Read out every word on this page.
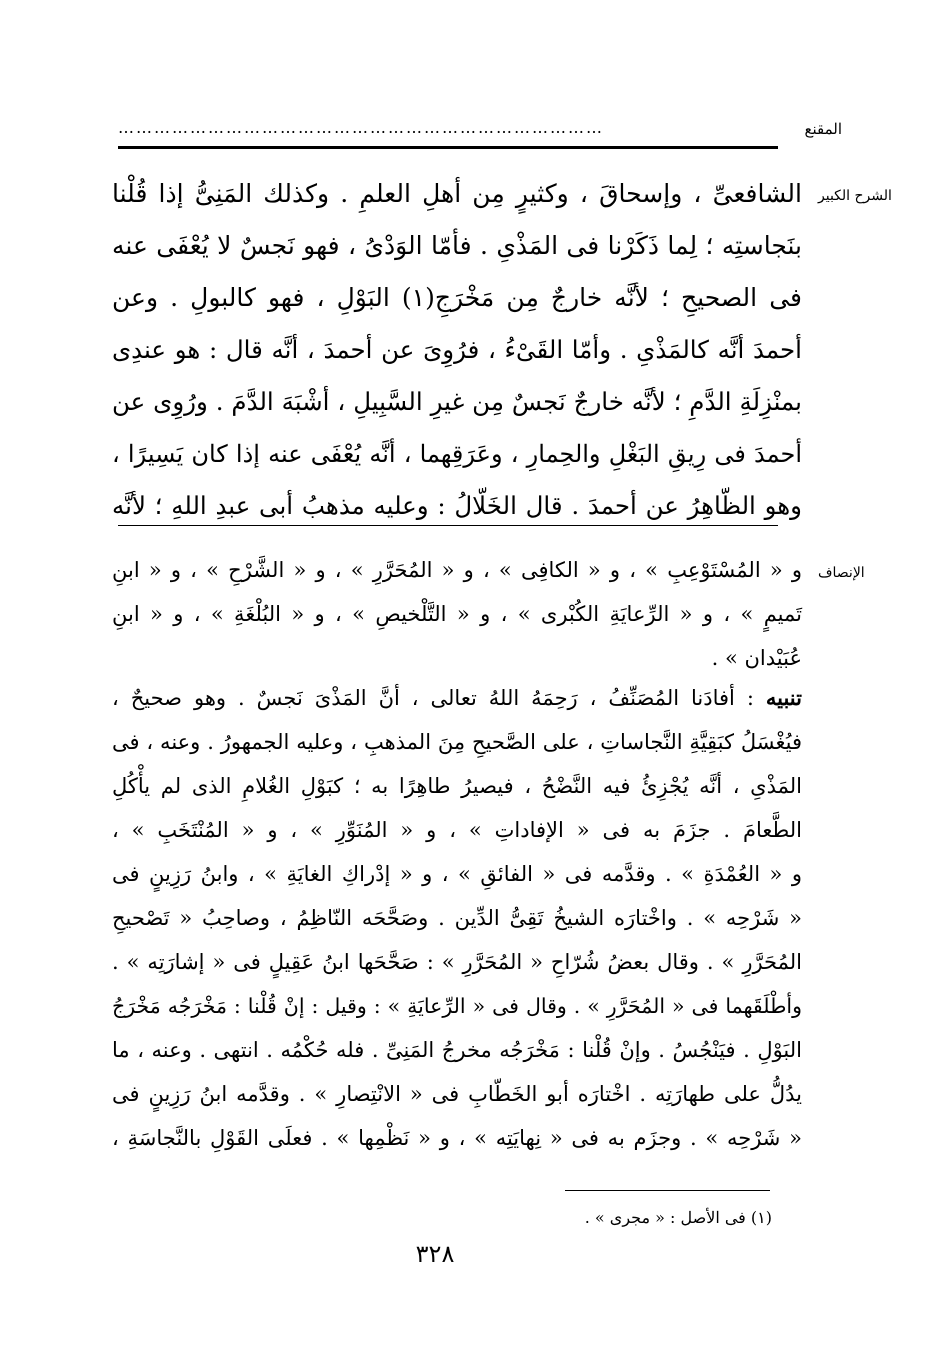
المقنع
………………………………………………………………………
الشرح الكبير
الشافعىِّ ، وإسحاقَ ، وكثيرٍ مِن أهلِ العلمِ . وكذلك المَنِىُّ إذا قُلْنا
بنَجاستِه ؛ لِما ذَكَرْنا فى المَذْىِ . فأمّا الوَدْىُ ، فهو نَجسٌ لا يُعْفَى عنه
فى الصحيحِ ؛ لأنَّه خارجٌ مِن مَخْرَجِ(١) البَوْلِ ، فهو كالبولِ . وعن
أحمدَ أنَّه كالمَذْىِ . وأمّا القَىْءُ ، فرُوِىَ عن أحمدَ ، أنَّه قال : هو عندِى
بمنْزِلَةِ الدَّمِ ؛ لأنَّه خارجٌ نَجسٌ مِن غيرِ السَّبِيلِ ، أشْبَهَ الدَّمَ . ورُوِى عن
أحمدَ فى رِيقِ البَغْلِ والحِمارِ ، وعَرَقِهما ، أنَّه يُعْفَى عنه إذا كان يَسِيرًا ،
وهو الظّاهِرُ عن أحمدَ . قال الخَلّالُ : وعليه مذهبُ أبى عبدِ اللهِ ؛ لأنَّه
الإنصاف
و « المُسْتَوْعِبِ » ، و « الكافِى » ، و « المُحَرَّرِ » ، و « الشَّرْحِ » ، و « ابنِ
تَميمٍ » ، و « الرِّعايَةِ الكُبْرى » ، و « التَّلْخيصِ » ، و « البُلْغَةِ » ، و « ابنِ
عُبَيْدان » .
تنبيه : أفادَنا المُصَنِّفُ ، رَحِمَهُ اللهُ تعالى ، أنَّ المَذْىَ نَجسٌ . وهو صحيحٌ ،
فيُغْسَلُ كبَقِيَّةِ النَّجاساتِ ، على الصَّحيحِ مِنَ المذهبِ ، وعليه الجمهورُ . وعنه ، فى
المَذْىِ ، أنَّه يُجْزِئُ فيه النَّضْحُ ، فيصيرُ طاهِرًا به ؛ كبَوْلِ الغُلامِ الذى لم يأْكُلِ
الطَّعامَ . جزَمَ به فى « الإفاداتِ » ، و « المُنَوِّرِ » ، و « المُنْتَخَبِ » ،
و « العُمْدَةِ » . وقدَّمه فى « الفائقِ » ، و « إدْراكِ الغايَةِ » ، وابنُ رَزِينٍ فى
« شَرْحِه » . واخْتارَه الشيخُ تَقِىُّ الدِّين . وصَحَّحَه النّاظِمُ ، وصاحِبُ « تَصْحيحِ
المُحَرَّرِ » . وقال بعضُ شُرّاحِ « المُحَرَّرِ » : صَحَّحَها ابنُ عَقِيلٍ فى « إشارَتِه » .
وأطْلَقَهما فى « المُحَرَّرِ » . وقال فى « الرِّعايَةِ » : وقيل : إنْ قُلْنا : مَخْرَجُه مَخْرَجُ
البَوْلِ . فيَنْجُسُ . وإنْ قُلْنا : مَخْرَجُه مخرجُ المَنِىِّ . فله حُكْمُه . انتهى . وعنه ، ما
يدُلُّ على طهارَتِه . اخْتارَه أبو الخَطّابِ فى « الانْتِصارِ » . وقدَّمه ابنُ رَزِينٍ فى
« شَرْحِه » . وجزَم به فى « نِهايَتِه » ، و « نَظْمِها » . فعلَى القَوْلِ بالنَّجاسَةِ ،
(١) فى الأصل : « مجرى » .
٣٢٨
